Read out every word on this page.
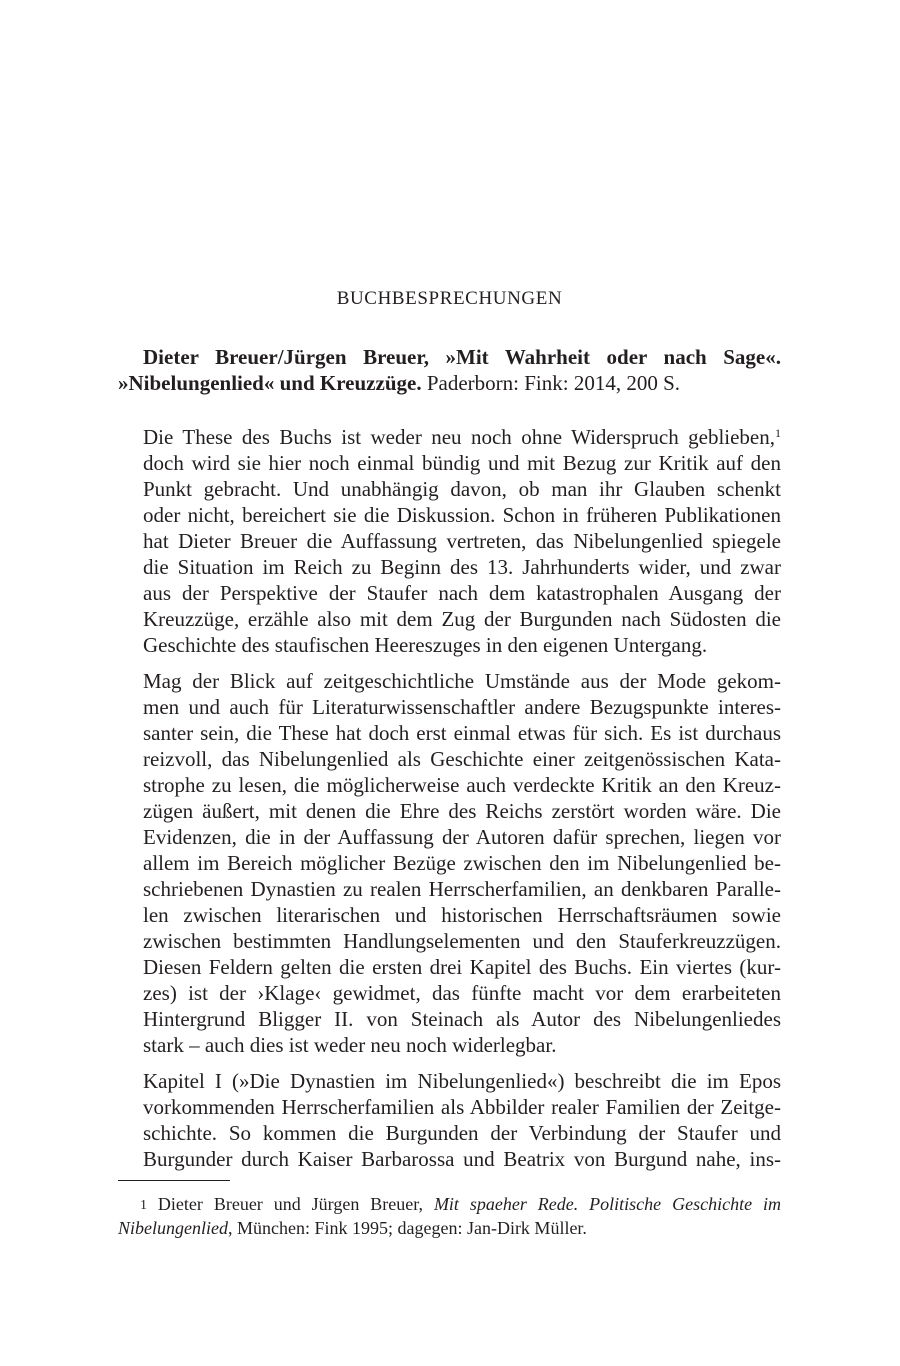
BUCHBESPRECHUNGEN
Dieter Breuer/Jürgen Breuer, »Mit Wahrheit oder nach Sage«. »Nibelungenlied« und Kreuzzüge. Paderborn: Fink: 2014, 200 S.

Die These des Buchs ist weder neu noch ohne Widerspruch geblieben,$^1$
doch wird sie hier noch einmal bündig und mit Bezug zur Kritik auf den
Punkt gebracht. Und unabhängig davon, ob man ihr Glauben schenkt
oder nicht, bereichert sie die Diskussion. Schon in früheren Publikationen
hat Dieter Breuer die Auffassung vertreten, das Nibelungenlied spiegele
die Situation im Reich zu Beginn des 13. Jahrhunderts wider, und zwar
aus der Perspektive der Staufer nach dem katastrophalen Ausgang der
Kreuzzüge, erzähle also mit dem Zug der Burgunden nach Südosten die
Geschichte des staufischen Heereszuges in den eigenen Untergang.

Mag der Blick auf zeitgeschichtliche Umstände aus der Mode gekom-
men und auch für Literaturwissenschaftler andere Bezugspunkte interes-
santer sein, die These hat doch erst einmal etwas für sich. Es ist durchaus
reizvoll, das Nibelungenlied als Geschichte einer zeitgenössischen Kata-
strophe zu lesen, die möglicherweise auch verdeckte Kritik an den Kreuz-
zügen äußert, mit denen die Ehre des Reichs zerstört worden wäre. Die
Evidenzen, die in der Auffassung der Autoren dafür sprechen, liegen vor
allem im Bereich möglicher Bezüge zwischen den im Nibelungenlied be-
schriebenen Dynastien zu realen Herrscherfamilien, an denkbaren Paralle-
len zwischen literarischen und historischen Herrschaftsräumen sowie
zwischen bestimmten Handlungselementen und den Stauferkreuzzügen.
Diesen Feldern gelten die ersten drei Kapitel des Buchs. Ein viertes (kur-
zes) ist der ›Klage‹ gewidmet, das fünfte macht vor dem erarbeiteten
Hintergrund Bligger II. von Steinach als Autor des Nibelungenliedes
stark – auch dies ist weder neu noch widerlegbar.

Kapitel I (»Die Dynastien im Nibelungenlied«) beschreibt die im Epos
vorkommenden Herrscherfamilien als Abbilder realer Familien der Zeitge-
schichte. So kommen die Burgunden der Verbindung der Staufer und
Burgunder durch Kaiser Barbarossa und Beatrix von Burgund nahe, ins-

1 Dieter Breuer und Jürgen Breuer, Mit spaeher Rede. Politische Geschichte im
Nibelungenlied, München: Fink 1995; dagegen: Jan-Dirk Müller.
